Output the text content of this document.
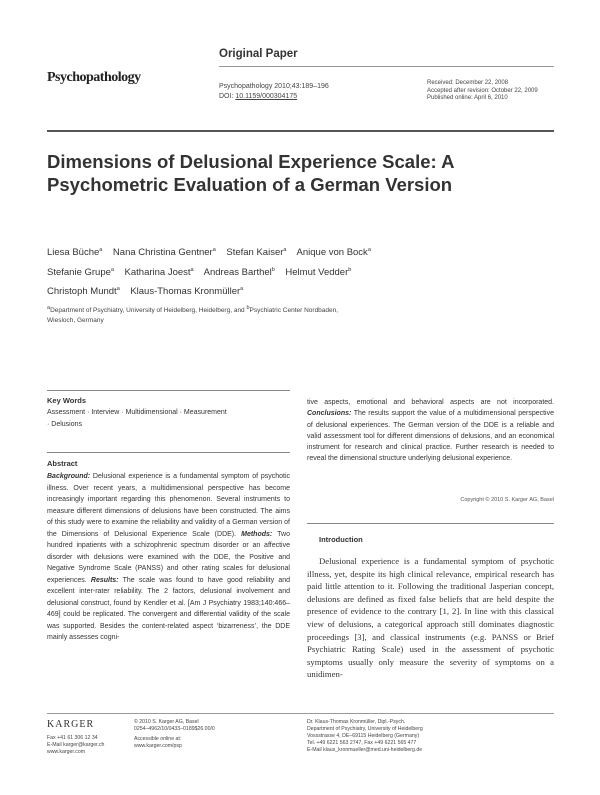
Psychopathology
Original Paper
Psychopathology 2010;43:189–196
DOI: 10.1159/000304175
Received: December 22, 2008
Accepted after revision: October 22, 2009
Published online: April 6, 2010
Dimensions of Delusional Experience Scale: A Psychometric Evaluation of a German Version
Liesa Büche$^a$ Nana Christina Gentner$^a$ Stefan Kaiser$^a$ Anique von Bock$^a$
Stefanie Grupe$^a$ Katharina Joest$^a$ Andreas Barthel$^b$ Helmut Vedder$^b$
Christoph Mundt$^a$ Klaus-Thomas Kronmüller$^a$
$^a$Department of Psychiatry, University of Heidelberg, Heidelberg, and $^b$Psychiatric Center Nordbaden,
Wiesloch, Germany
Key Words
Assessment · Interview · Multidimensional · Measurement
· Delusions
Abstract
Background: Delusional experience is a fundamental symptom of psychotic illness. Over recent years, a multidimensional perspective has become increasingly important regarding this phenomenon. Several instruments to measure different dimensions of delusions have been constructed. The aims of this study were to examine the reliability and validity of a German version of the Dimensions of Delusional Experience Scale (DDE). Methods: Two hundred inpatients with a schizophrenic spectrum disorder or an affective disorder with delusions were examined with the DDE, the Positive and Negative Syndrome Scale (PANSS) and other rating scales for delusional experiences. Results: The scale was found to have good reliability and excellent inter-rater reliability. The 2 factors, delusional involvement and delusional construct, found by Kendler et al. [Am J Psychiatry 1983;140:466–469] could be replicated. The convergent and differential validity of the scale was supported. Besides the content-related aspect ‘bizarreness’, the DDE mainly assesses cogni-
tive aspects, emotional and behavioral aspects are not incorporated. Conclusions: The results support the value of a multidimensional perspective of delusional experiences. The German version of the DDE is a reliable and valid assessment tool for different dimensions of delusions, and an economical instrument for research and clinical practice. Further research is needed to reveal the dimensional structure underlying delusional experience.
Copyright © 2010 S. Karger AG, Basel
Introduction
Delusional experience is a fundamental symptom of psychotic illness, yet, despite its high clinical relevance, empirical research has paid little attention to it. Following the traditional Jasperian concept, delusions are defined as fixed false beliefs that are held despite the presence of evidence to the contrary [1, 2]. In line with this classical view of delusions, a categorical approach still dominates diagnostic proceedings [3], and classical instruments (e.g. PANSS or Brief Psychiatric Rating Scale) used in the assessment of psychotic symptoms usually only measure the severity of symptoms on a unidimen-
KARGER
Fax +41 61 306 12 34
E-Mail karger@karger.ch
www.karger.com
© 2010 S. Karger AG, Basel
0254–4962/10/0433–0189$26.00/0
Accessible online at:
www.karger.com/psp
Dr. Klaus-Thomas Kronmüller, Dipl.-Psych.
Department of Psychiatry, University of Heidelberg
Vossstrasse 4, DE–69115 Heidelberg (Germany)
Tel. +49 6221 563 2747, Fax +49 6221 565 477
E-Mail klaus_kronmueller@med.uni-heidelberg.de
